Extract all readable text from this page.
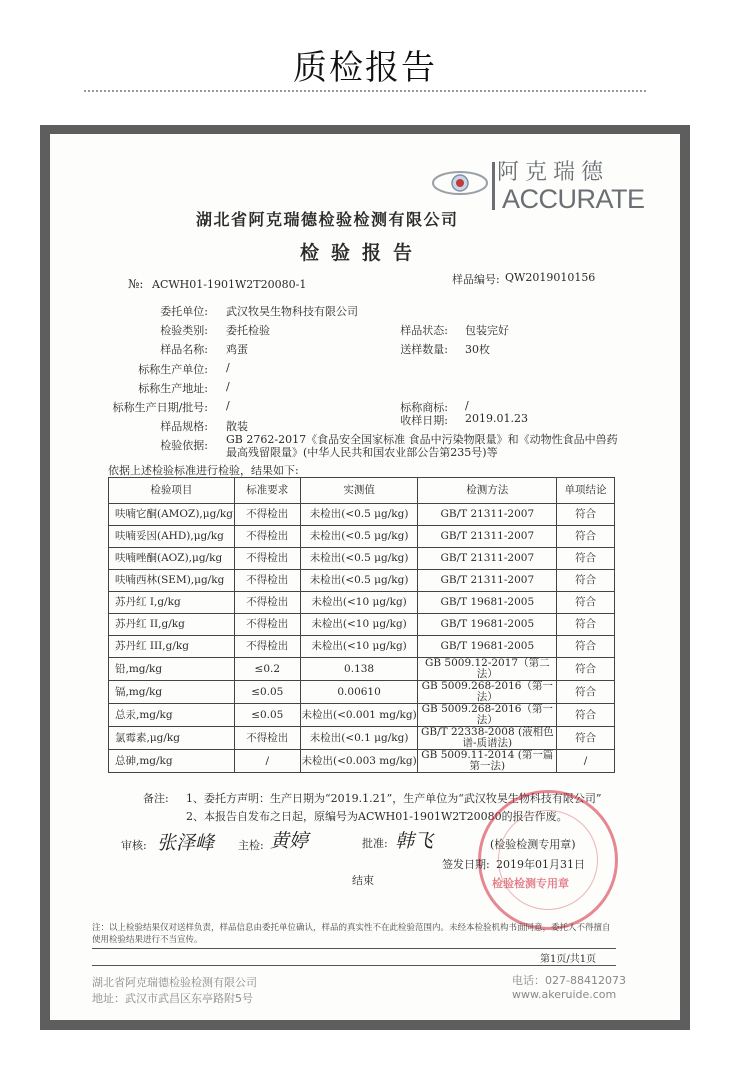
质检报告
阿克瑞德
ACCURATE
湖北省阿克瑞德检验检测有限公司
检验报告
№: ACWH01-1901W2T20080-1	样品编号: QW2019010156
委托单位: 武汉牧昊生物科技有限公司
检验类别: 委托检验
样品名称: 鸡蛋
标称生产单位: /
标称生产地址: /
标称生产日期/批号: /
样品规格: 散装
检验依据: GB 2762-2017《食品安全国家标准 食品中污染物限量》和《动物性食品中兽药
最高残留限量》(中华人民共和国农业部公告第235号)等
样品状态: 包装完好
送样数量: 30枚
标称商标: /
收样日期: 2019.01.23
依据上述检验标准进行检验，结果如下:
检验项目	标准要求	实测值	检测方法	单项结论
呋喃它酮(AMOZ),μg/kg	不得检出	未检出(<0.5 μg/kg)	GB/T 21311-2007	符合
呋喃妥因(AHD),μg/kg	不得检出	未检出(<0.5 μg/kg)	GB/T 21311-2007	符合
呋喃唑酮(AOZ),μg/kg	不得检出	未检出(<0.5 μg/kg)	GB/T 21311-2007	符合
呋喃西林(SEM),μg/kg	不得检出	未检出(<0.5 μg/kg)	GB/T 21311-2007	符合
苏丹红 I,g/kg	不得检出	未检出(<10 μg/kg)	GB/T 19681-2005	符合
苏丹红 II,g/kg	不得检出	未检出(<10 μg/kg)	GB/T 19681-2005	符合
苏丹红 III,g/kg	不得检出	未检出(<10 μg/kg)	GB/T 19681-2005	符合
铅,mg/kg	≤0.2	0.138	GB 5009.12-2017（第二法）	符合
镉,mg/kg	≤0.05	0.00610	GB 5009.268-2016（第一法）	符合
总汞,mg/kg	≤0.05	未检出(<0.001 mg/kg)	GB 5009.268-2016（第一法）	符合
氯霉素,μg/kg	不得检出	未检出(<0.1 μg/kg)	GB/T 22338-2008 (液相色谱-质谱法)	符合
总砷,mg/kg	/	未检出(<0.003 mg/kg)	GB 5009.11-2014 (第一篇 第一法)	/
备注: 1、委托方声明：生产日期为“2019.1.21”，生产单位为“武汉牧昊生物科技有限公司”
2、本报告自发布之日起，原编号为ACWH01-1901W2T20080的报告作废。
检验检测专用章
审核: 张泽峰 主检: 黄婷	批准: 韩飞	(检验检测专用章)
签发日期: 2019年01月31日
结束
注：以上检验结果仅对送样负责，样品信息由委托单位确认，样品的真实性不在此检验范围内。未经本检验机构书面同意，委托人不得擅自使用检验结果进行不当宣传。
第1页/共1页
湖北省阿克瑞德检验检测有限公司
地址：武汉市武昌区东亭路附5号
电话：027-88412073
www.akeruide.com
